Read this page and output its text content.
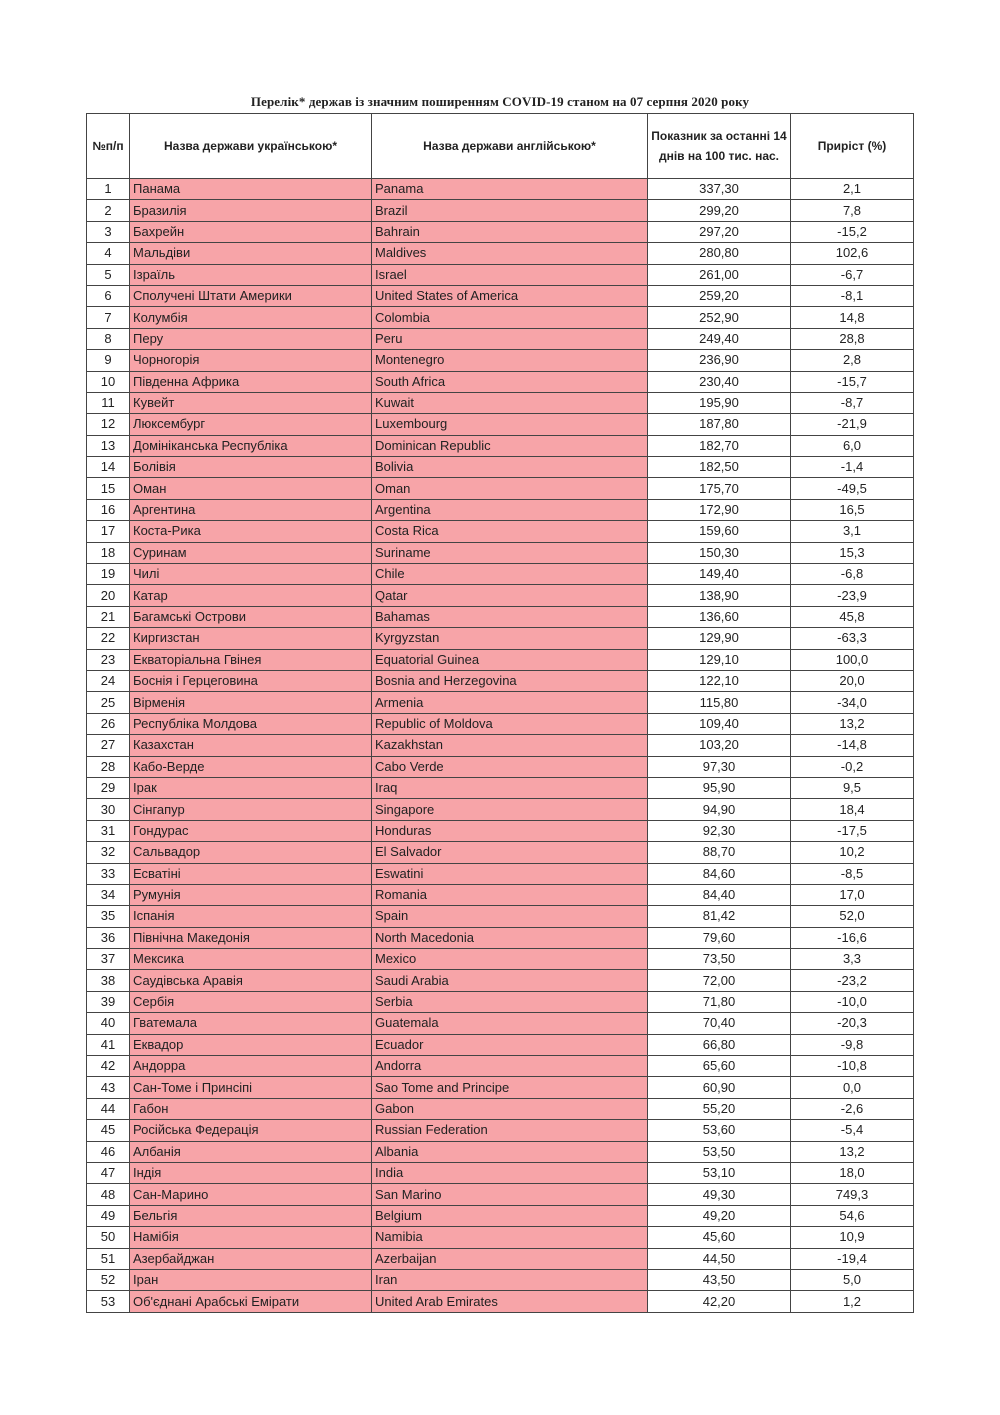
Перелік* держав із значним поширенням COVID-19 станом на 07 серпня 2020 року
№п/п	Назва держави українською*	Назва держави англійською*	Показник за останні 14 днів на 100 тис. нас.	Приріст (%)
1	Панама	Panama	337,30	2,1
2	Бразилія	Brazil	299,20	7,8
3	Бахрейн	Bahrain	297,20	-15,2
4	Мальдіви	Maldives	280,80	102,6
5	Ізраїль	Israel	261,00	-6,7
6	Сполучені Штати Америки	United States of America	259,20	-8,1
7	Колумбія	Colombia	252,90	14,8
8	Перу	Peru	249,40	28,8
9	Чорногорія	Montenegro	236,90	2,8
10	Південна Африка	South Africa	230,40	-15,7
11	Кувейт	Kuwait	195,90	-8,7
12	Люксембург	Luxembourg	187,80	-21,9
13	Домініканська Республіка	Dominican Republic	182,70	6,0
14	Болівія	Bolivia	182,50	-1,4
15	Оман	Oman	175,70	-49,5
16	Аргентина	Argentina	172,90	16,5
17	Коста-Рика	Costa Rica	159,60	3,1
18	Суринам	Suriname	150,30	15,3
19	Чилі	Chile	149,40	-6,8
20	Катар	Qatar	138,90	-23,9
21	Багамські Острови	Bahamas	136,60	45,8
22	Киргизстан	Kyrgyzstan	129,90	-63,3
23	Екваторіальна Гвінея	Equatorial Guinea	129,10	100,0
24	Боснія і Герцеговина	Bosnia and Herzegovina	122,10	20,0
25	Вірменія	Armenia	115,80	-34,0
26	Республіка Молдова	Republic of Moldova	109,40	13,2
27	Казахстан	Kazakhstan	103,20	-14,8
28	Кабо-Верде	Cabo Verde	97,30	-0,2
29	Ірак	Iraq	95,90	9,5
30	Сінгапур	Singapore	94,90	18,4
31	Гондурас	Honduras	92,30	-17,5
32	Сальвадор	El Salvador	88,70	10,2
33	Есватіні	Eswatini	84,60	-8,5
34	Румунія	Romania	84,40	17,0
35	Іспанія	Spain	81,42	52,0
36	Північна Македонія	North Macedonia	79,60	-16,6
37	Мексика	Mexico	73,50	3,3
38	Саудівська Аравія	Saudi Arabia	72,00	-23,2
39	Сербія	Serbia	71,80	-10,0
40	Гватемала	Guatemala	70,40	-20,3
41	Еквадор	Ecuador	66,80	-9,8
42	Андорра	Andorra	65,60	-10,8
43	Сан-Томе і Принсіпі	Sao Tome and Principe	60,90	0,0
44	Габон	Gabon	55,20	-2,6
45	Російська Федерація	Russian Federation	53,60	-5,4
46	Албанія	Albania	53,50	13,2
47	Індія	India	53,10	18,0
48	Сан-Марино	San Marino	49,30	749,3
49	Бельгія	Belgium	49,20	54,6
50	Намібія	Namibia	45,60	10,9
51	Азербайджан	Azerbaijan	44,50	-19,4
52	Іран	Iran	43,50	5,0
53	Об'єднані Арабські Емірати	United Arab Emirates	42,20	1,2
